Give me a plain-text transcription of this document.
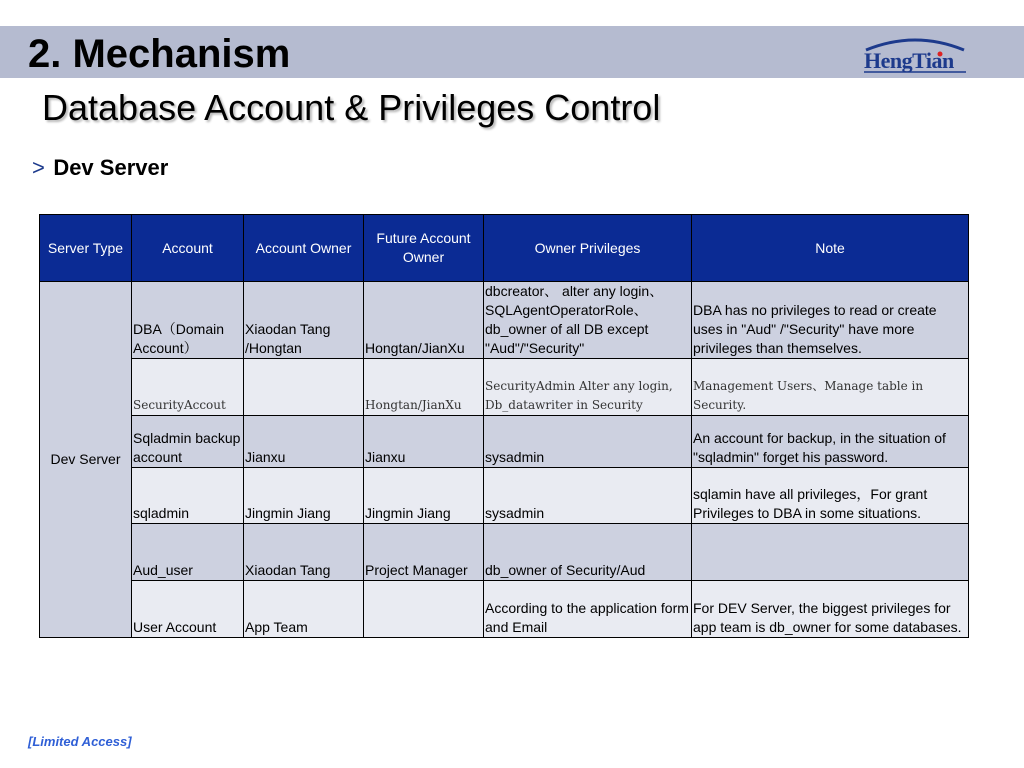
2. Mechanism	HengTian
Database Account & Privileges Control
> Dev Server
Server Type	Account	Account Owner	Future Account Owner	Owner Privileges	Note
Dev Server	DBA（Domain Account）	Xiaodan Tang /Hongtan	Hongtan/JianXu	dbcreator、 alter any login、SQLAgentOperatorRole、db_owner of all DB except "Aud"/"Security"	DBA has no privileges to read or create uses in "Aud" /"Security" have more privileges than themselves.
	SecurityAccout		Hongtan/JianXu	SecurityAdmin Alter any login, Db_datawriter in Security	Management Users、Manage table in Security.
	Sqladmin backup account	Jianxu	Jianxu	sysadmin	An account for backup, in the situation of "sqladmin" forget his password.
	sqladmin	Jingmin Jiang	Jingmin Jiang	sysadmin	sqlamin have all privileges，For grant Privileges to DBA in some situations.
	Aud_user	Xiaodan Tang	Project Manager	db_owner of Security/Aud	
	User Account	App Team		According to the application form and Email	For DEV Server, the biggest privileges for app team is db_owner for some databases.
[Limited Access]
